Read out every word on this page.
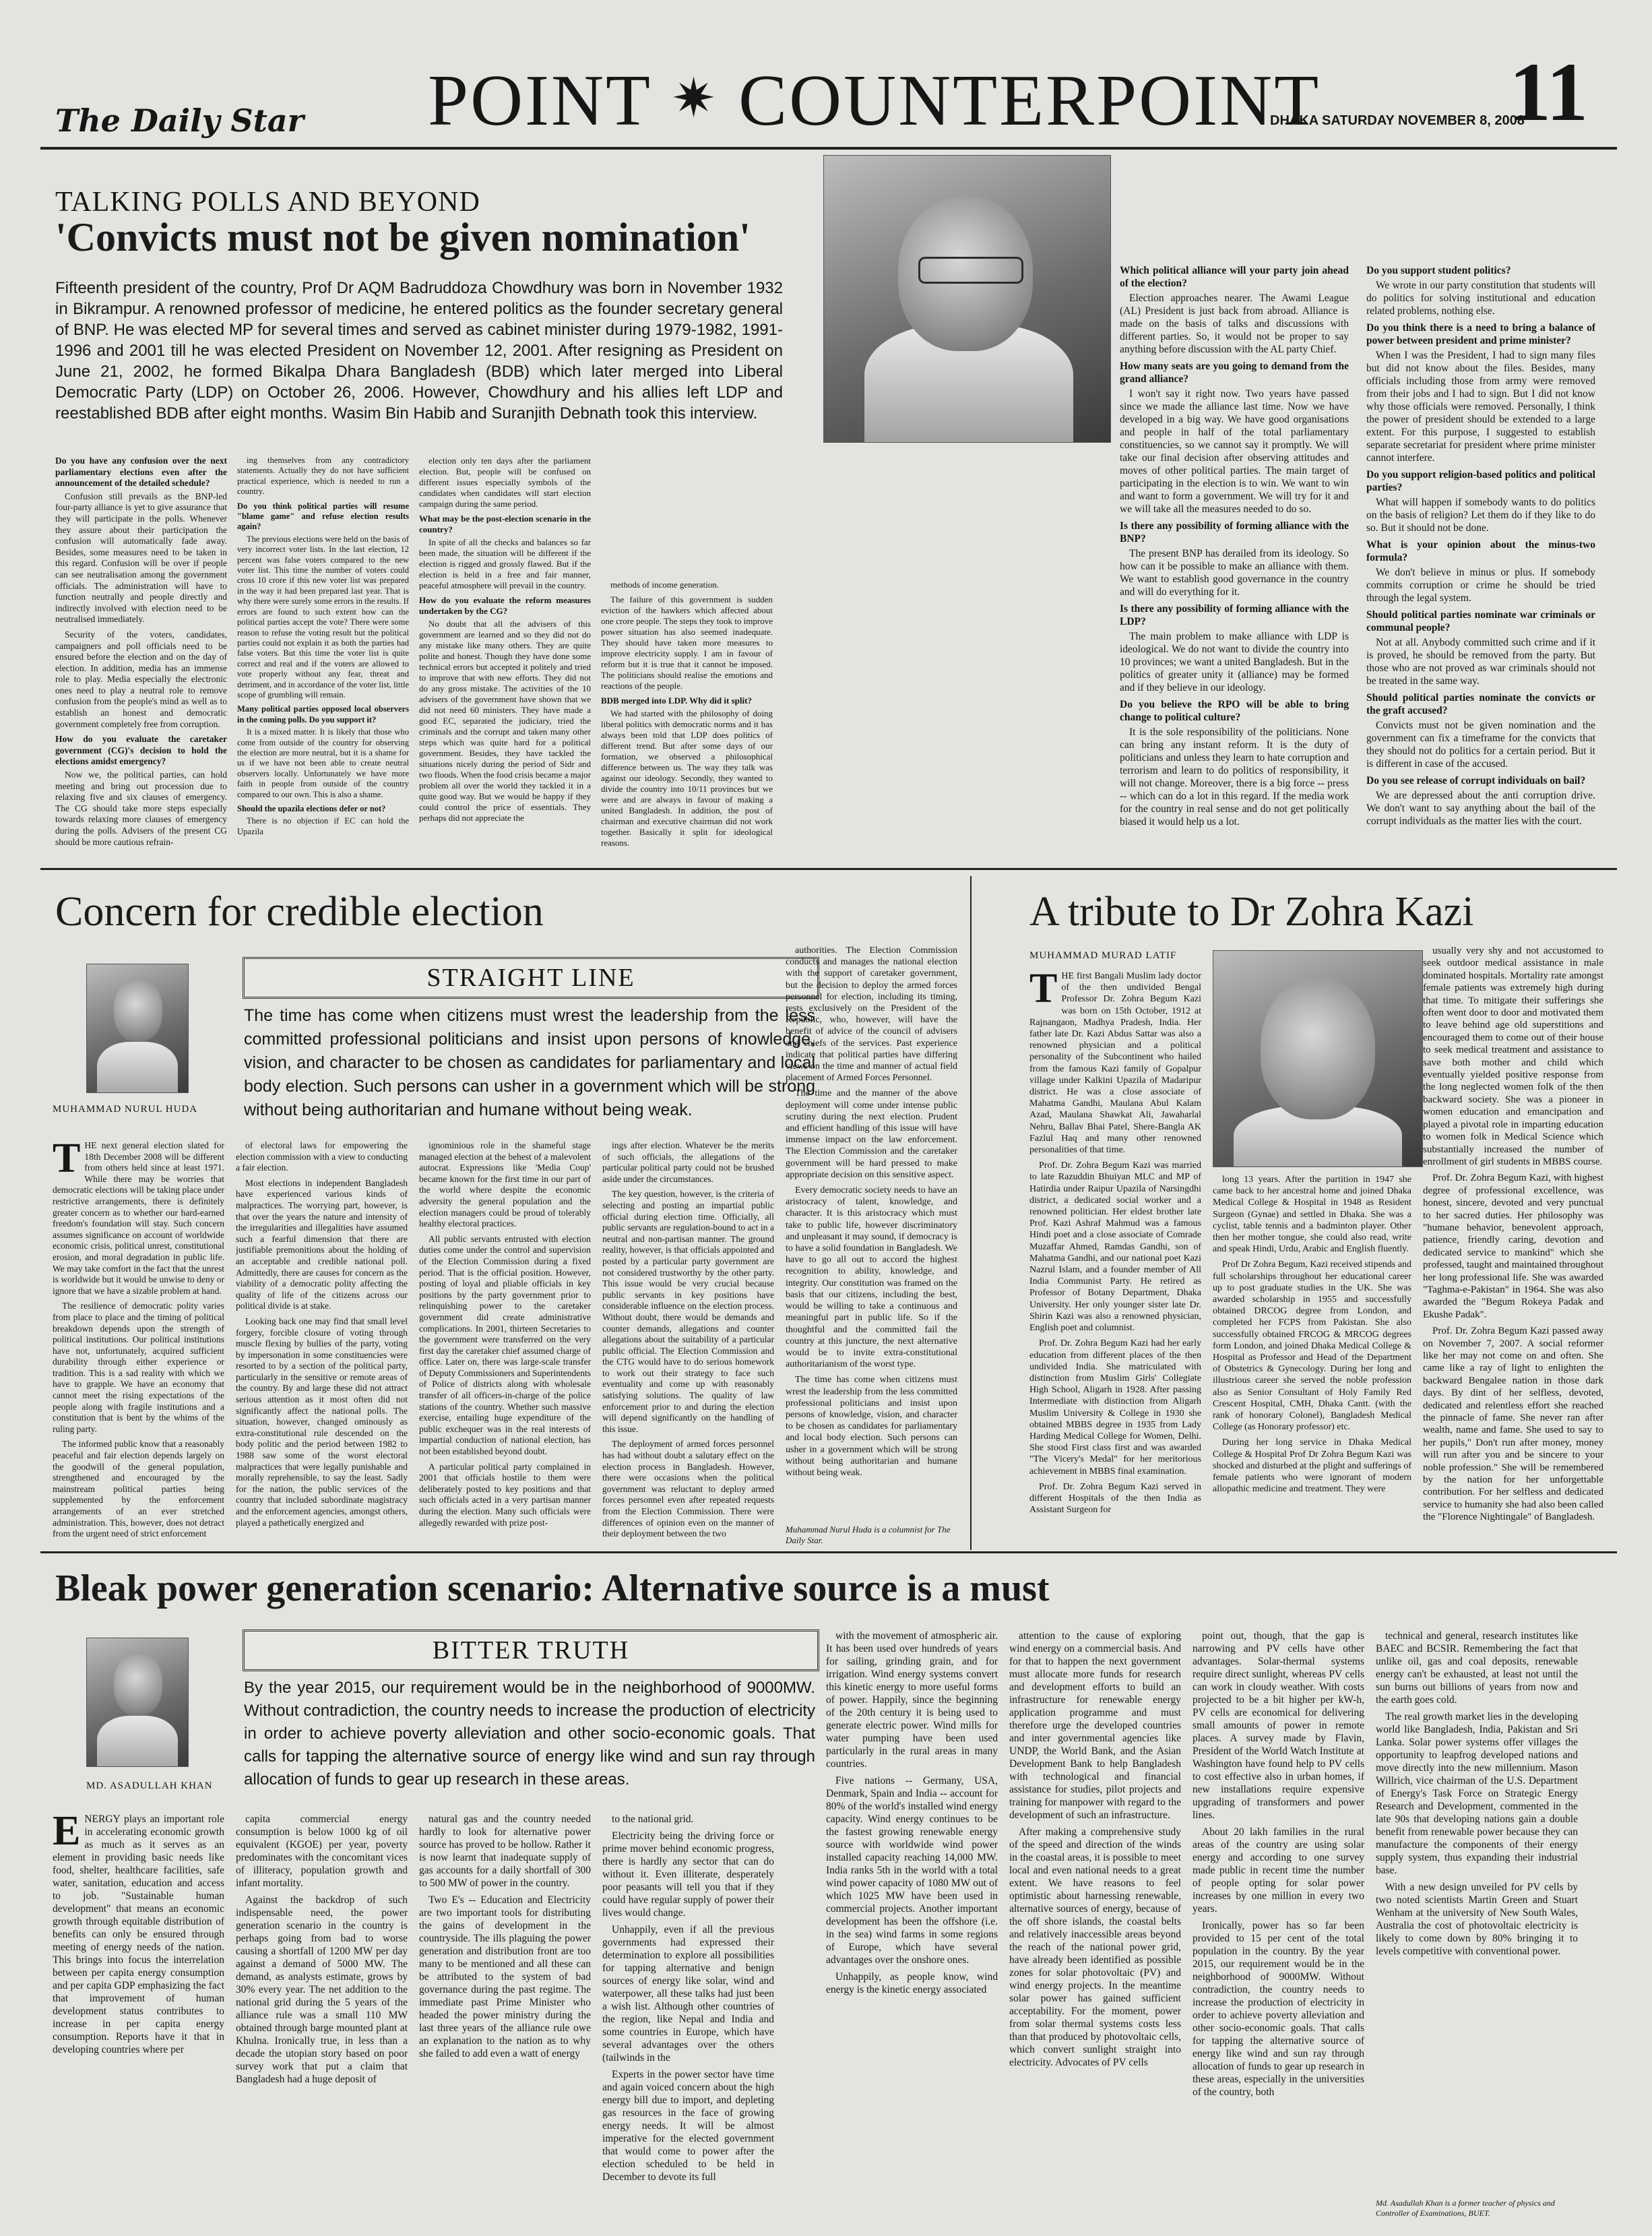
The Daily Star POINT ✷ COUNTERPOINT
DHAKA SATURDAY NOVEMBER 8, 2008
11
TALKING POLLS AND BEYOND
'Convicts must not be given nomination'
Fifteenth president of the country, Prof Dr AQM Badruddoza Chowdhury was born in November 1932 in Bikrampur. A renowned professor of medicine, he entered politics as the founder secretary general of BNP. He was elected MP for several times and served as cabinet minister during 1979-1982, 1991-1996 and 2001 till he was elected President on November 12, 2001. After resigning as President on June 21, 2002, he formed Bikalpa Dhara Bangladesh (BDB) which later merged into Liberal Democratic Party (LDP) on October 26, 2006. However, Chowdhury and his allies left LDP and reestablished BDB after eight months. Wasim Bin Habib and Suranjith Debnath took this interview.

Do you have any confusion over the next parliamentary elections even after the announcement of the detailed schedule?

Confusion still prevails as the BNP-led four-party alliance is yet to give assurance that they will participate in the polls. Whenever they assure about their participation the confusion will automatically fade away. Besides, some measures need to be taken in this regard. Confusion will be over if people can see neutralisation among the government officials. The administration will have to function neutrally and people directly and indirectly involved with election need to be neutralised immediately.

Security of the voters, candidates, campaigners and poll officials need to be ensured before the election and on the day of election. In addition, media has an immense role to play. Media especially the electronic ones need to play a neutral role to remove confusion from the people's mind as well as to establish an honest and democratic government completely free from corruption.

How do you evaluate the caretaker government (CG)'s decision to hold the elections amidst emergency?

Now we, the political parties, can hold meeting and bring out procession due to relaxing five and six clauses of emergency. The CG should take more steps especially towards relaxing more clauses of emergency during the polls. Advisers of the present CG should be more cautious refrain-

ing themselves from any contradictory statements. Actually they do not have sufficient practical experience, which is needed to run a country.

Do you think political parties will resume "blame game" and refuse election results again?

The previous elections were held on the basis of very incorrect voter lists. In the last election, 12 percent was false voters compared to the new voter list. This time the number of voters could cross 10 crore if this new voter list was prepared in the way it had been prepared last year. That is why there were surely some errors in the results. If errors are found to such extent how can the political parties accept the vote? There were some reason to refuse the voting result but the political parties could not explain it as both the parties had false voters. But this time the voter list is quite correct and real and if the voters are allowed to vote properly without any fear, threat and detriment, and in accordance of the voter list, little scope of grumbling will remain.

Many political parties opposed local observers in the coming polls. Do you support it?

It is a mixed matter. It is likely that those who come from outside of the country for observing the election are more neutral, but it is a shame for us if we have not been able to create neutral observers locally. Unfortunately we have more faith in people from outside of the country compared to our own. This is also a shame.

Should the upazila elections defer or not?

There is no objection if EC can hold the Upazila

election only ten days after the parliament election. But, people will be confused on different issues especially symbols of the candidates when candidates will start election campaign during the same period.

What may be the post-election scenario in the country?

In spite of all the checks and balances so far been made, the situation will be different if the election is rigged and grossly flawed. But if the election is held in a free and fair manner, peaceful atmosphere will prevail in the country.

How do you evaluate the reform measures undertaken by the CG?

No doubt that all the advisers of this government are learned and so they did not do any mistake like many others. They are quite polite and honest. Though they have done some technical errors but accepted it politely and tried to improve that with new efforts. They did not do any gross mistake. The activities of the 10 advisers of the government have shown that we did not need 60 ministers. They have made a good EC, separated the judiciary, tried the criminals and the corrupt and taken many other steps which was quite hard for a political government. Besides, they have tackled the situations nicely during the period of Sidr and two floods. When the food crisis became a major problem all over the world they tackled it in a quite good way. But we would be happy if they could control the price of essentials. They perhaps did not appreciate the

methods of income generation.

The failure of this government is sudden eviction of the hawkers which affected about one crore people. The steps they took to improve power situation has also seemed inadequate. They should have taken more measures to improve electricity supply. I am in favour of reform but it is true that it cannot be imposed. The politicians should realise the emotions and reactions of the people.

BDB merged into LDP. Why did it split?

We had started with the philosophy of doing liberal politics with democratic norms and it has always been told that LDP does politics of different trend. But after some days of our formation, we observed a philosophical difference between us. The way they talk was against our ideology. Secondly, they wanted to divide the country into 10/11 provinces but we were and are always in favour of making a united Bangladesh. In addition, the post of chairman and executive chairman did not work together. Basically it split for ideological reasons.

Which political alliance will your party join ahead of the election?

Election approaches nearer. The Awami League (AL) President is just back from abroad. Alliance is made on the basis of talks and discussions with different parties. So, it would not be proper to say anything before discussion with the AL party Chief.

How many seats are you going to demand from the grand alliance?

I won't say it right now. Two years have passed since we made the alliance last time. Now we have developed in a big way. We have good organisations and people in half of the total parliamentary constituencies, so we cannot say it promptly. We will take our final decision after observing attitudes and moves of other political parties. The main target of participating in the election is to win. We want to win and want to form a government. We will try for it and we will take all the measures needed to do so.

Is there any possibility of forming alliance with the BNP?

The present BNP has derailed from its ideology. So how can it be possible to make an alliance with them. We want to establish good governance in the country and will do everything for it.

Is there any possibility of forming alliance with the LDP?

The main problem to make alliance with LDP is ideological. We do not want to divide the country into 10 provinces; we want a united Bangladesh. But in the politics of greater unity it (alliance) may be formed and if they believe in our ideology.

Do you believe the RPO will be able to bring change to political culture?

It is the sole responsibility of the politicians. None can bring any instant reform. It is the duty of politicians and unless they learn to hate corruption and terrorism and learn to do politics of responsibility, it will not change. Moreover, there is a big force -- press -- which can do a lot in this regard. If the media work for the country in real sense and do not get politically biased it would help us a lot.

Do you support student politics?

We wrote in our party constitution that students will do politics for solving institutional and education related problems, nothing else.

Do you think there is a need to bring a balance of power between president and prime minister?

When I was the President, I had to sign many files but did not know about the files. Besides, many officials including those from army were removed from their jobs and I had to sign. But I did not know why those officials were removed. Personally, I think the power of president should be extended to a large extent. For this purpose, I suggested to establish separate secretariat for president where prime minister cannot interfere.

Do you support religion-based politics and political parties?

What will happen if somebody wants to do politics on the basis of religion? Let them do if they like to do so. But it should not be done.

What is your opinion about the minus-two formula?

We don't believe in minus or plus. If somebody commits corruption or crime he should be tried through the legal system.

Should political parties nominate war criminals or communal people?

Not at all. Anybody committed such crime and if it is proved, he should be removed from the party. But those who are not proved as war criminals should not be treated in the same way.

Should political parties nominate the convicts or the graft accused?

Convicts must not be given nomination and the government can fix a timeframe for the convicts that they should not do politics for a certain period. But it is different in case of the accused.

Do you see release of corrupt individuals on bail?

We are depressed about the anti corruption drive. We don't want to say anything about the bail of the corrupt individuals as the matter lies with the court.

Concern for credible election
MUHAMMAD NURUL HUDA
STRAIGHT LINE
The time has come when citizens must wrest the leadership from the less committed professional politicians and insist upon persons of knowledge, vision, and character to be chosen as candidates for parliamentary and local body election. Such persons can usher in a government which will be strong without being authoritarian and humane without being weak.

THE next general election slated for 18th December 2008 will be different from others held since at least 1971. While there may be worries that democratic elections will be taking place under restrictive arrangements, there is definitely greater concern as to whether our hard-earned freedom's foundation will stay. Such concern assumes significance on account of worldwide economic crisis, political unrest, constitutional erosion, and moral degradation in public life. We may take comfort in the fact that the unrest is worldwide but it would be unwise to deny or ignore that we have a sizable problem at hand.

The resilience of democratic polity varies from place to place and the timing of political breakdown depends upon the strength of political institutions. Our political institutions have not, unfortunately, acquired sufficient durability through either experience or tradition. This is a sad reality with which we have to grapple. We have an economy that cannot meet the rising expectations of the people along with fragile institutions and a constitution that is bent by the whims of the ruling party.

The informed public know that a reasonably peaceful and fair election depends largely on the goodwill of the general population, strengthened and encouraged by the mainstream political parties being supplemented by the enforcement arrangements of an ever stretched administration. This, however, does not detract from the urgent need of strict enforcement

of electoral laws for empowering the election commission with a view to conducting a fair election.

Most elections in independent Bangladesh have experienced various kinds of malpractices. The worrying part, however, is that over the years the nature and intensity of the irregularities and illegalities have assumed such a fearful dimension that there are justifiable premonitions about the holding of an acceptable and credible national poll. Admittedly, there are causes for concern as the viability of a democratic polity affecting the quality of life of the citizens across our political divide is at stake.

Looking back one may find that small level forgery, forcible closure of voting through muscle flexing by bullies of the party, voting by impersonation in some constituencies were resorted to by a section of the political party, particularly in the sensitive or remote areas of the country. By and large these did not attract serious attention as it most often did not significantly affect the national polls. The situation, however, changed ominously as extra-constitutional rule descended on the body politic and the period between 1982 to 1988 saw some of the worst electoral malpractices that were legally punishable and morally reprehensible, to say the least. Sadly for the nation, the public services of the country that included subordinate magistracy and the enforcement agencies, amongst others, played a pathetically energized and

ignominious role in the shameful stage managed election at the behest of a malevolent autocrat. Expressions like 'Media Coup' became known for the first time in our part of the world where despite the economic adversity the general population and the election managers could be proud of tolerably healthy electoral practices.

All public servants entrusted with election duties come under the control and supervision of the Election Commission during a fixed period. That is the official position. However, posting of loyal and pliable officials in key positions by the party government prior to relinquishing power to the caretaker government did create administrative complications. In 2001, thirteen Secretaries to the government were transferred on the very first day the caretaker chief assumed charge of office. Later on, there was large-scale transfer of Deputy Commissioners and Superintendents of Police of districts along with wholesale transfer of all officers-in-charge of the police stations of the country. Whether such massive exercise, entailing huge expenditure of the public exchequer was in the real interests of impartial conduction of national election, has not been established beyond doubt.

A particular political party complained in 2001 that officials hostile to them were deliberately posted to key positions and that such officials acted in a very partisan manner during the election. Many such officials were allegedly rewarded with prize post-

ings after election. Whatever be the merits of such officials, the allegations of the particular political party could not be brushed aside under the circumstances.

The key question, however, is the criteria of selecting and posting an impartial public official during election time. Officially, all public servants are regulation-bound to act in a neutral and non-partisan manner. The ground reality, however, is that officials appointed and posted by a particular party government are not considered trustworthy by the other party. This issue would be very crucial because public servants in key positions have considerable influence on the election process. Without doubt, there would be demands and counter demands, allegations and counter allegations about the suitability of a particular public official. The Election Commission and the CTG would have to do serious homework to work out their strategy to face such eventuality and come up with reasonably satisfying solutions. The quality of law enforcement prior to and during the election will depend significantly on the handling of this issue.

The deployment of armed forces personnel has had without doubt a salutary effect on the election process in Bangladesh. However, there were occasions when the political government was reluctant to deploy armed forces personnel even after repeated requests from the Election Commission. There were differences of opinion even on the manner of their deployment between the two

authorities. The Election Commission conducts and manages the national election with the support of caretaker government, but the decision to deploy the armed forces personnel for election, including its timing, rests exclusively on the President of the Republic, who, however, will have the benefit of advice of the council of advisers and chiefs of the services. Past experience indicate that political parties have differing views on the time and manner of actual field placement of Armed Forces Personnel.

The time and the manner of the above deployment will come under intense public scrutiny during the next election. Prudent and efficient handling of this issue will have immense impact on the law enforcement. The Election Commission and the caretaker government will be hard pressed to make appropriate decision on this sensitive aspect.

Every democratic society needs to have an aristocracy of talent, knowledge, and character. It is this aristocracy which must take to public life, however discriminatory and unpleasant it may sound, if democracy is to have a solid foundation in Bangladesh. We have to go all out to accord the highest recognition to ability, knowledge, and integrity. Our constitution was framed on the basis that our citizens, including the best, would be willing to take a continuous and meaningful part in public life. So if the thoughtful and the committed fail the country at this juncture, the next alternative would be to invite extra-constitutional authoritarianism of the worst type.

The time has come when citizens must wrest the leadership from the less committed professional politicians and insist upon persons of knowledge, vision, and character to be chosen as candidates for parliamentary and local body election. Such persons can usher in a government which will be strong without being authoritarian and humane without being weak.

Muhammad Nurul Huda is a columnist for The Daily Star.
A tribute to Dr Zohra Kazi
MUHAMMAD MURAD LATIF

THE first Bangali Muslim lady doctor of the then undivided Bengal Professor Dr. Zohra Begum Kazi was born on 15th October, 1912 at Rajnangaon, Madhya Pradesh, India. Her father late Dr. Kazi Abdus Sattar was also a renowned physician and a political personality of the Subcontinent who hailed from the famous Kazi family of Gopalpur village under Kalkini Upazila of Madaripur district. He was a close associate of Mahatma Gandhi, Maulana Abul Kalam Azad, Maulana Shawkat Ali, Jawaharlal Nehru, Ballav Bhai Patel, Shere-Bangla AK Fazlul Haq and many other renowned personalities of that time.

Prof. Dr. Zohra Begum Kazi was married to late Razuddin Bhuiyan MLC and MP of Hatirdia under Raipur Upazila of Narsingdhi district, a dedicated social worker and a renowned politician. Her eldest brother late Prof. Kazi Ashraf Mahmud was a famous Hindi poet and a close associate of Comrade Muzaffar Ahmed, Ramdas Gandhi, son of Mahatma Gandhi, and our national poet Kazi Nazrul Islam, and a founder member of All India Communist Party. He retired as Professor of Botany Department, Dhaka University. Her only younger sister late Dr. Shirin Kazi was also a renowned physician, English poet and columnist.

Prof. Dr. Zohra Begum Kazi had her early education from different places of the then undivided India. She matriculated with distinction from Muslim Girls' Collegiate High School, Aligarh in 1928. After passing Intermediate with distinction from Aligarh Muslim University & College in 1930 she obtained MBBS degree in 1935 from Lady Harding Medical College for Women, Delhi. She stood First class first and was awarded "The Vicery's Medal" for her meritorious achievement in MBBS final examination.

Prof. Dr. Zohra Begum Kazi served in different Hospitals of the then India as Assistant Surgeon for

long 13 years. After the partition in 1947 she came back to her ancestral home and joined Dhaka Medical College & Hospital in 1948 as Resident Surgeon (Gynae) and settled in Dhaka. She was a cyclist, table tennis and a badminton player. Other then her mother tongue, she could also read, write and speak Hindi, Urdu, Arabic and English fluently.

Prof Dr Zohra Begum, Kazi received stipends and full scholarships throughout her educational career up to post graduate studies in the UK. She was awarded scholarship in 1955 and successfully obtained DRCOG degree from London, and completed her FCPS from Pakistan. She also successfully obtained FRCOG & MRCOG degrees form London, and joined Dhaka Medical College & Hospital as Professor and Head of the Department of Obstetrics & Gynecology. During her long and illustrious career she served the noble profession also as Senior Consultant of Holy Family Red Crescent Hospital, CMH, Dhaka Cantt. (with the rank of honorary Colonel), Bangladesh Medical College (as Honorary professor) etc.

During her long service in Dhaka Medical College & Hospital Prof Dr Zohra Begum Kazi was shocked and disturbed at the plight and sufferings of female patients who were ignorant of modern allopathic medicine and treatment. They were

usually very shy and not accustomed to seek outdoor medical assistance in male dominated hospitals. Mortality rate amongst female patients was extremely high during that time. To mitigate their sufferings she often went door to door and motivated them to leave behind age old superstitions and encouraged them to come out of their house to seek medical treatment and assistance to save both mother and child which eventually yielded positive response from the long neglected women folk of the then backward society. She was a pioneer in women education and emancipation and played a pivotal role in imparting education to women folk in Medical Science which substantially increased the number of enrollment of girl students in MBBS course.

Prof. Dr. Zohra Begum Kazi, with highest degree of professional excellence, was honest, sincere, devoted and very punctual to her sacred duties. Her philosophy was "humane behavior, benevolent approach, patience, friendly caring, devotion and dedicated service to mankind" which she professed, taught and maintained throughout her long professional life. She was awarded "Taghma-e-Pakistan" in 1964. She was also awarded the "Begum Rokeya Padak and Ekushe Padak".

Prof. Dr. Zohra Begum Kazi passed away on November 7, 2007. A social reformer like her may not come on and often. She came like a ray of light to enlighten the backward Bengalee nation in those dark days. By dint of her selfless, devoted, dedicated and relentless effort she reached the pinnacle of fame. She never ran after wealth, name and fame. She used to say to her pupils," Don't run after money, money will run after you and be sincere to your noble profession." She will be remembered by the nation for her unforgettable contribution. For her selfless and dedicated service to humanity she had also been called the "Florence Nightingale" of Bangladesh.

Bleak power generation scenario: Alternative source is a must
MD. ASADULLAH KHAN
BITTER TRUTH
By the year 2015, our requirement would be in the neighborhood of 9000MW. Without contradiction, the country needs to increase the production of electricity in order to achieve poverty alleviation and other socio-economic goals. That calls for tapping the alternative source of energy like wind and sun ray through allocation of funds to gear up research in these areas.

ENERGY plays an important role in accelerating economic growth as much as it serves as an element in providing basic needs like food, shelter, healthcare facilities, safe water, sanitation, education and access to job. "Sustainable human development" that means an economic growth through equitable distribution of benefits can only be ensured through meeting of energy needs of the nation. This brings into focus the interrelation between per capita energy consumption and per capita GDP emphasizing the fact that improvement of human development status contributes to increase in per capita energy consumption. Reports have it that in developing countries where per

capita commercial energy consumption is below 1000 kg of oil equivalent (KGOE) per year, poverty predominates with the concomitant vices of illiteracy, population growth and infant mortality.

Against the backdrop of such indispensable need, the power generation scenario in the country is perhaps going from bad to worse causing a shortfall of 1200 MW per day against a demand of 5000 MW. The demand, as analysts estimate, grows by 30% every year. The net addition to the national grid during the 5 years of the alliance rule was a small 110 MW obtained through barge mounted plant at Khulna. Ironically true, in less than a decade the utopian story based on poor survey work that put a claim that Bangladesh had a huge deposit of

natural gas and the country needed hardly to look for alternative power source has proved to be hollow. Rather it is now learnt that inadequate supply of gas accounts for a daily shortfall of 300 to 500 MW of power in the country.

Two E's -- Education and Electricity are two important tools for distributing the gains of development in the countryside. The ills plaguing the power generation and distribution front are too many to be mentioned and all these can be attributed to the system of bad governance during the past regime. The immediate past Prime Minister who headed the power ministry during the last three years of the alliance rule owe an explanation to the nation as to why she failed to add even a watt of energy

to the national grid.

Electricity being the driving force or prime mover behind economic progress, there is hardly any sector that can do without it. Even illiterate, desperately poor peasants will tell you that if they could have regular supply of power their lives would change.

Unhappily, even if all the previous governments had expressed their determination to explore all possibilities for tapping alternative and benign sources of energy like solar, wind and waterpower, all these talks had just been a wish list. Although other countries of the region, like Nepal and India and some countries in Europe, which have several advantages over the others (tailwinds in the

Experts in the power sector have time and again voiced concern about the high energy bill due to import, and depleting gas resources in the face of growing energy needs. It will be almost imperative for the elected government that would come to power after the election scheduled to be held in December to devote its full

with the movement of atmospheric air. It has been used over hundreds of years for sailing, grinding grain, and for irrigation. Wind energy systems convert this kinetic energy to more useful forms of power. Happily, since the beginning of the 20th century it is being used to generate electric power. Wind mills for water pumping have been used particularly in the rural areas in many countries.

Five nations -- Germany, USA, Denmark, Spain and India -- account for 80% of the world's installed wind energy capacity. Wind energy continues to be the fastest growing renewable energy source with worldwide wind power installed capacity reaching 14,000 MW. India ranks 5th in the world with a total wind power capacity of 1080 MW out of which 1025 MW have been used in commercial projects. Another important development has been the offshore (i.e. in the sea) wind farms in some regions of Europe, which have several advantages over the onshore ones.

Unhappily, as people know, wind energy is the kinetic energy associated

attention to the cause of exploring wind energy on a commercial basis. And for that to happen the next government must allocate more funds for research and development efforts to build an infrastructure for renewable energy application programme and must therefore urge the developed countries and inter governmental agencies like UNDP, the World Bank, and the Asian Development Bank to help Bangladesh with technological and financial assistance for studies, pilot projects and training for manpower with regard to the development of such an infrastructure.

After making a comprehensive study of the speed and direction of the winds in the coastal areas, it is possible to meet local and even national needs to a great extent. We have reasons to feel optimistic about harnessing renewable, alternative sources of energy, because of the off shore islands, the coastal belts and relatively inaccessible areas beyond the reach of the national power grid, have already been identified as possible zones for solar photovoltaic (PV) and wind energy projects. In the meantime solar power has gained sufficient acceptability. For the moment, power from solar thermal systems costs less than that produced by photovoltaic cells, which convert sunlight straight into electricity. Advocates of PV cells

point out, though, that the gap is narrowing and PV cells have other advantages. Solar-thermal systems require direct sunlight, whereas PV cells can work in cloudy weather. With costs projected to be a bit higher per kW-h, PV cells are economical for delivering small amounts of power in remote places. A survey made by Flavin, President of the World Watch Institute at Washington have found help to PV cells to cost effective also in urban homes, if new installations require expensive upgrading of transformers and power lines.

About 20 lakh families in the rural areas of the country are using solar energy and according to one survey made public in recent time the number of people opting for solar power increases by one million in every two years.

Ironically, power has so far been provided to 15 per cent of the total population in the country. By the year 2015, our requirement would be in the neighborhood of 9000MW. Without contradiction, the country needs to increase the production of electricity in order to achieve poverty alleviation and other socio-economic goals. That calls for tapping the alternative source of energy like wind and sun ray through allocation of funds to gear up research in these areas, especially in the universities of the country, both

technical and general, research institutes like BAEC and BCSIR. Remembering the fact that unlike oil, gas and coal deposits, renewable energy can't be exhausted, at least not until the sun burns out billions of years from now and the earth goes cold.

The real growth market lies in the developing world like Bangladesh, India, Pakistan and Sri Lanka. Solar power systems offer villages the opportunity to leapfrog developed nations and move directly into the new millennium. Mason Willrich, vice chairman of the U.S. Department of Energy's Task Force on Strategic Energy Research and Development, commented in the late 90s that developing nations gain a double benefit from renewable power because they can manufacture the components of their energy supply system, thus expanding their industrial base.

With a new design unveiled for PV cells by two noted scientists Martin Green and Stuart Wenham at the university of New South Wales, Australia the cost of photovoltaic electricity is likely to come down by 80% bringing it to levels competitive with conventional power.

Md. Asadullah Khan is a former teacher of physics and Controller of Examinations, BUET.
